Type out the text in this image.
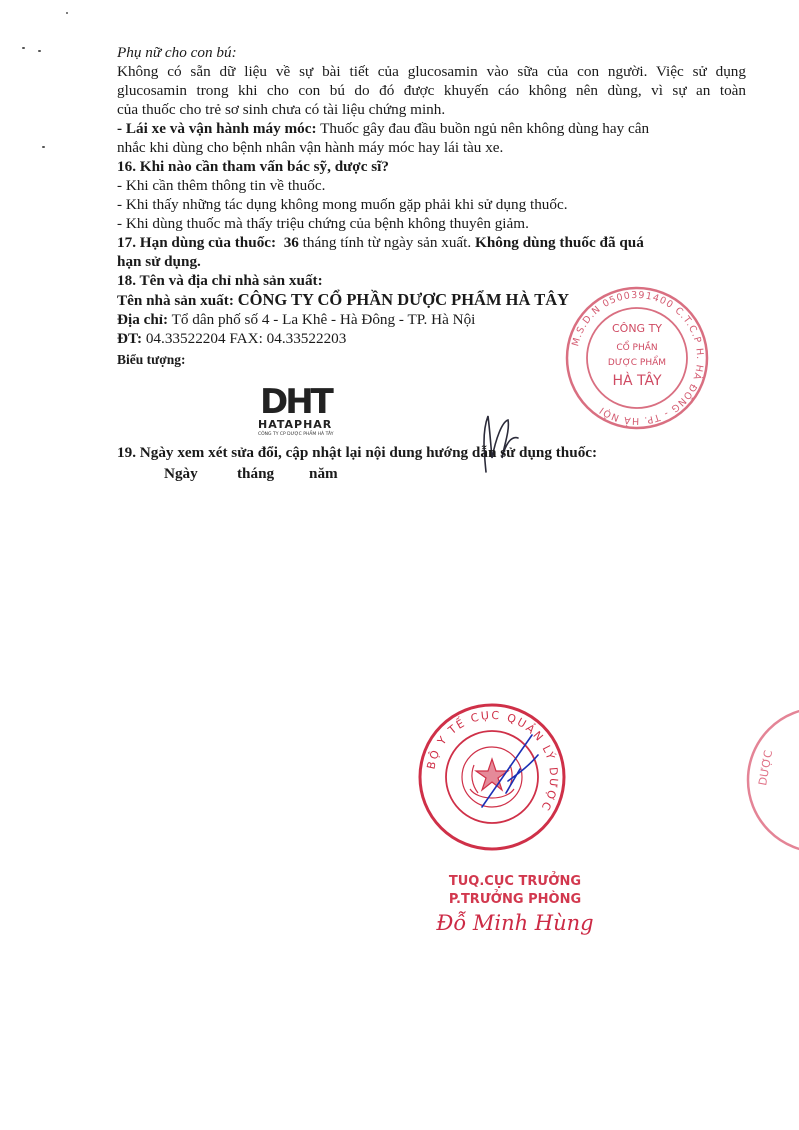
Phụ nữ cho con bú:
Không có sẵn dữ liệu về sự bài tiết của glucosamin vào sữa của con người. Việc sử dụng
glucosamin trong khi cho con bú do đó được khuyến cáo không nên dùng, vì sự an toàn
của thuốc cho trẻ sơ sinh chưa có tài liệu chứng minh.
- Lái xe và vận hành máy móc: Thuốc gây đau đầu buồn ngủ nên không dùng hay cân
nhắc khi dùng cho bệnh nhân vận hành máy móc hay lái tàu xe.
16. Khi nào cần tham vấn bác sỹ, dược sĩ?
- Khi cần thêm thông tin về thuốc.
- Khi thấy những tác dụng không mong muốn gặp phải khi sử dụng thuốc.
- Khi dùng thuốc mà thấy triệu chứng của bệnh không thuyên giảm.
17. Hạn dùng của thuốc: 36 tháng tính từ ngày sản xuất. Không dùng thuốc đã quá
hạn sử dụng.
18. Tên và địa chỉ nhà sản xuất:
Tên nhà sản xuất: CÔNG TY CỔ PHẦN DƯỢC PHẨM HÀ TÂY
Địa chỉ: Tổ dân phố số 4 - La Khê - Hà Đông - TP. Hà Nội
ĐT: 04.33522204 FAX: 04.33522203
Biểu tượng:
DHT
HATAPHAR
CÔNG TY CP DƯỢC PHẨM HÀ TÂY
M.S.D.N 0500391400 C.T.C.P H. HÀ ĐÔNG - TP. HÀ NỘI
CÔNG TY
CỔ PHẦN
DƯỢC PHẨM
HÀ TÂY
19. Ngày xem xét sửa đổi, cập nhật lại nội dung hướng dẫn sử dụng thuốc:
Ngày	tháng năm
BỘ Y TẾ CỤC QUẢN LÝ DƯỢC
DƯỢC
TUQ.CỤC TRƯỞNG
P.TRƯỞNG PHÒNG
Đỗ Minh Hùng
